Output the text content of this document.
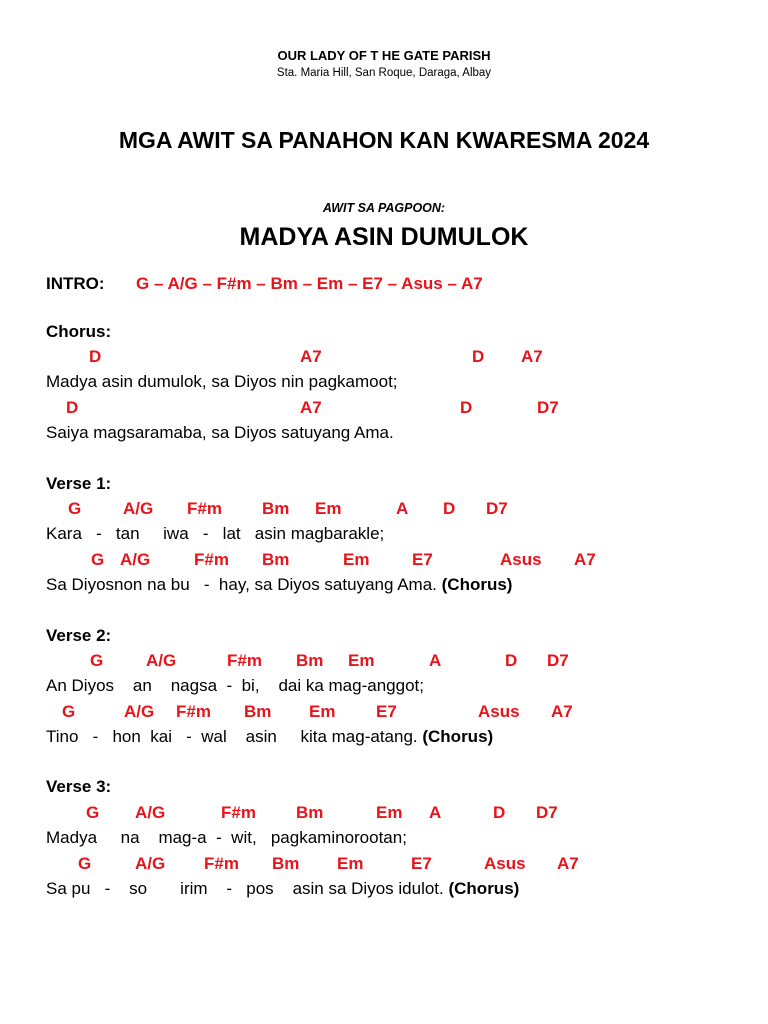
OUR LADY OF T HE GATE PARISH
Sta. Maria Hill, San Roque, Daraga, Albay
MGA AWIT SA PANAHON KAN KWARESMA 2024
AWIT SA PAGPOON:
MADYA ASIN DUMULOK
INTRO: G – A/G – F#m – Bm – Em – E7 – Asus – A7
Chorus:
D	A7	D A7
Madya asin dumulok, sa Diyos nin pagkamoot;
D	A7	D	D7
Saiya magsaramaba, sa Diyos satuyang Ama.
Verse 1:
G A/G F#m Bm Em	A D D7
Kara   -   tan     iwa   -   lat   asin magbarakle;
G A/G	F#m Bm	Em	E7	Asus A7
Sa Diyosnon na bu   -  hay, sa Diyos satuyang Ama. (Chorus)
Verse 2:
G	A/G	F#m Bm Em	A	D D7
An Diyos    an    nagsa  -  bi,    dai ka mag-anggot;
G	A/G F#m Bm Em E7	Asus A7
Tino   -   hon  kai   -  wal    asin     kita mag-atang. (Chorus)
Verse 3:
G A/G	F#m Bm	Em A	D D7
Madya     na    mag-a  -  wit,   pagkaminorootan;
G	A/G F#m Bm Em	E7	Asus A7
Sa pu   -    so       irim    -   pos    asin sa Diyos idulot. (Chorus)
